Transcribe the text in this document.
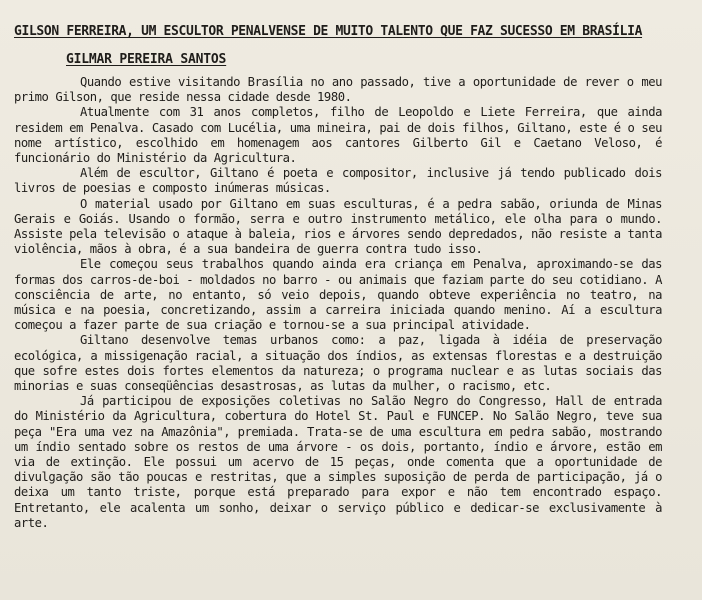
GILSON FERREIRA, UM ESCULTOR PENALVENSE DE MUITO TALENTO QUE FAZ SUCESSO EM BRASÍLIA
GILMAR PEREIRA SANTOS

Quando estive visitando Brasília no ano passado, tive a oportunidade de rever o meu primo Gilson, que reside nessa cidade desde 1980.

Atualmente com 31 anos completos, filho de Leopoldo e Liete Ferreira, que ainda residem em Penalva. Casado com Lucélia, uma mineira, pai de dois filhos, Giltano, este é o seu nome artístico, escolhido em homenagem aos cantores Gilberto Gil e Caetano Veloso, é funcionário do Ministério da Agricultura.

Além de escultor, Giltano é poeta e compositor, inclusive já tendo publicado dois livros de poesias e composto inúmeras músicas.

O material usado por Giltano em suas esculturas, é a pedra sabão, oriunda de Minas Gerais e Goiás. Usando o formão, serra e outro instrumento metálico, ele olha para o mundo. Assiste pela televisão o ataque à baleia, rios e árvores sendo depredados, não resiste a tanta violência, mãos à obra, é a sua bandeira de guerra contra tudo isso.

Ele começou seus trabalhos quando ainda era criança em Penalva, aproximando-se das formas dos carros-de-boi - moldados no barro - ou animais que faziam parte do seu cotidiano. A consciência de arte, no entanto, só veio depois, quando obteve experiência no teatro, na música e na poesia, concretizando, assim a carreira iniciada quando menino. Aí a escultura começou a fazer parte de sua criação e tornou-se a sua principal atividade.

Giltano desenvolve temas urbanos como: a paz, ligada à idéia de preservação ecológica, a missigenação racial, a situação dos índios, as extensas florestas e a destruição que sofre estes dois fortes elementos da natureza; o programa nuclear e as lutas sociais das minorias e suas conseqüências desastrosas, as lutas da mulher, o racismo, etc.

Já participou de exposições coletivas no Salão Negro do Congresso, Hall de entrada do Ministério da Agricultura, cobertura do Hotel St. Paul e FUNCEP. No Salão Negro, teve sua peça "Era uma vez na Amazônia", premiada. Trata-se de uma escultura em pedra sabão, mostrando um índio sentado sobre os restos de uma árvore - os dois, portanto, índio e árvore, estão em via de extinção. Ele possui um acervo de 15 peças, onde comenta que a oportunidade de divulgação são tão poucas e restritas, que a simples suposição de perda de participação, já o deixa um tanto triste, porque está preparado para expor e não tem encontrado espaço. Entretanto, ele acalenta um sonho, deixar o serviço público e dedicar-se exclusivamente à arte.
